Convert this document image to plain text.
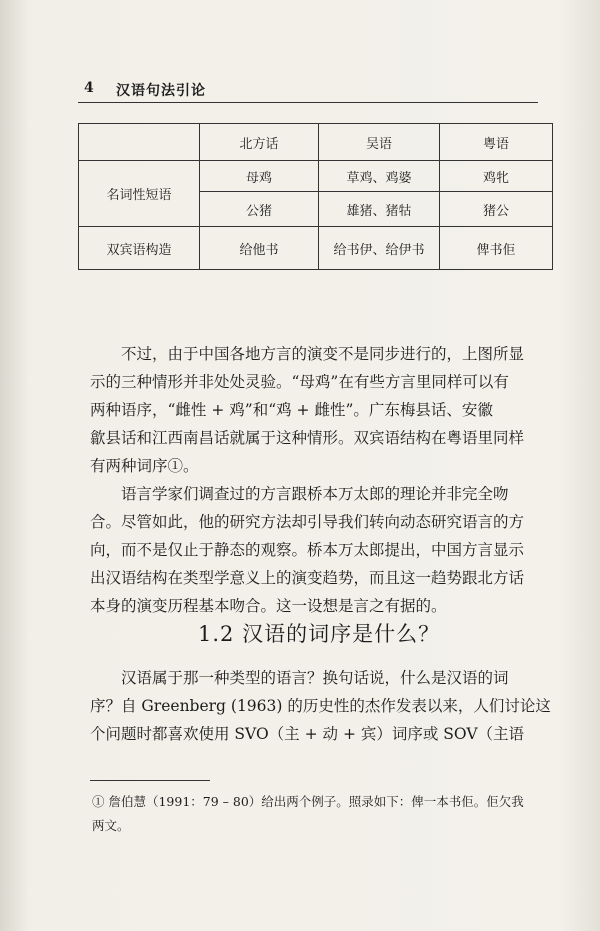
4 汉语句法引论
	北方话	吴语	粤语
名词性短语	母鸡	草鸡、鸡婆	鸡牝
	公猪	雄猪、猪牯	猪公
双宾语构造	给他书	给书伊、给伊书	俾书佢
不过，由于中国各地方言的演变不是同步进行的，上图所显
示的三种情形并非处处灵验。“母鸡”在有些方言里同样可以有
两种语序，“雌性 + 鸡”和“鸡 + 雌性”。广东梅县话、安徽
歙县话和江西南昌话就属于这种情形。双宾语结构在粤语里同样
有两种词序①。
语言学家们调查过的方言跟桥本万太郎的理论并非完全吻
合。尽管如此，他的研究方法却引导我们转向动态研究语言的方
向，而不是仅止于静态的观察。桥本万太郎提出，中国方言显示
出汉语结构在类型学意义上的演变趋势，而且这一趋势跟北方话
本身的演变历程基本吻合。这一设想是言之有据的。
1.2 汉语的词序是什么？
汉语属于那一种类型的语言？换句话说，什么是汉语的词
序？自 Greenberg (1963) 的历史性的杰作发表以来，人们讨论这
个问题时都喜欢使用 SVO（主 + 动 + 宾）词序或 SOV（主语
① 詹伯慧（1991：79 – 80）给出两个例子。照录如下：俾一本书佢。佢欠我
两文。
